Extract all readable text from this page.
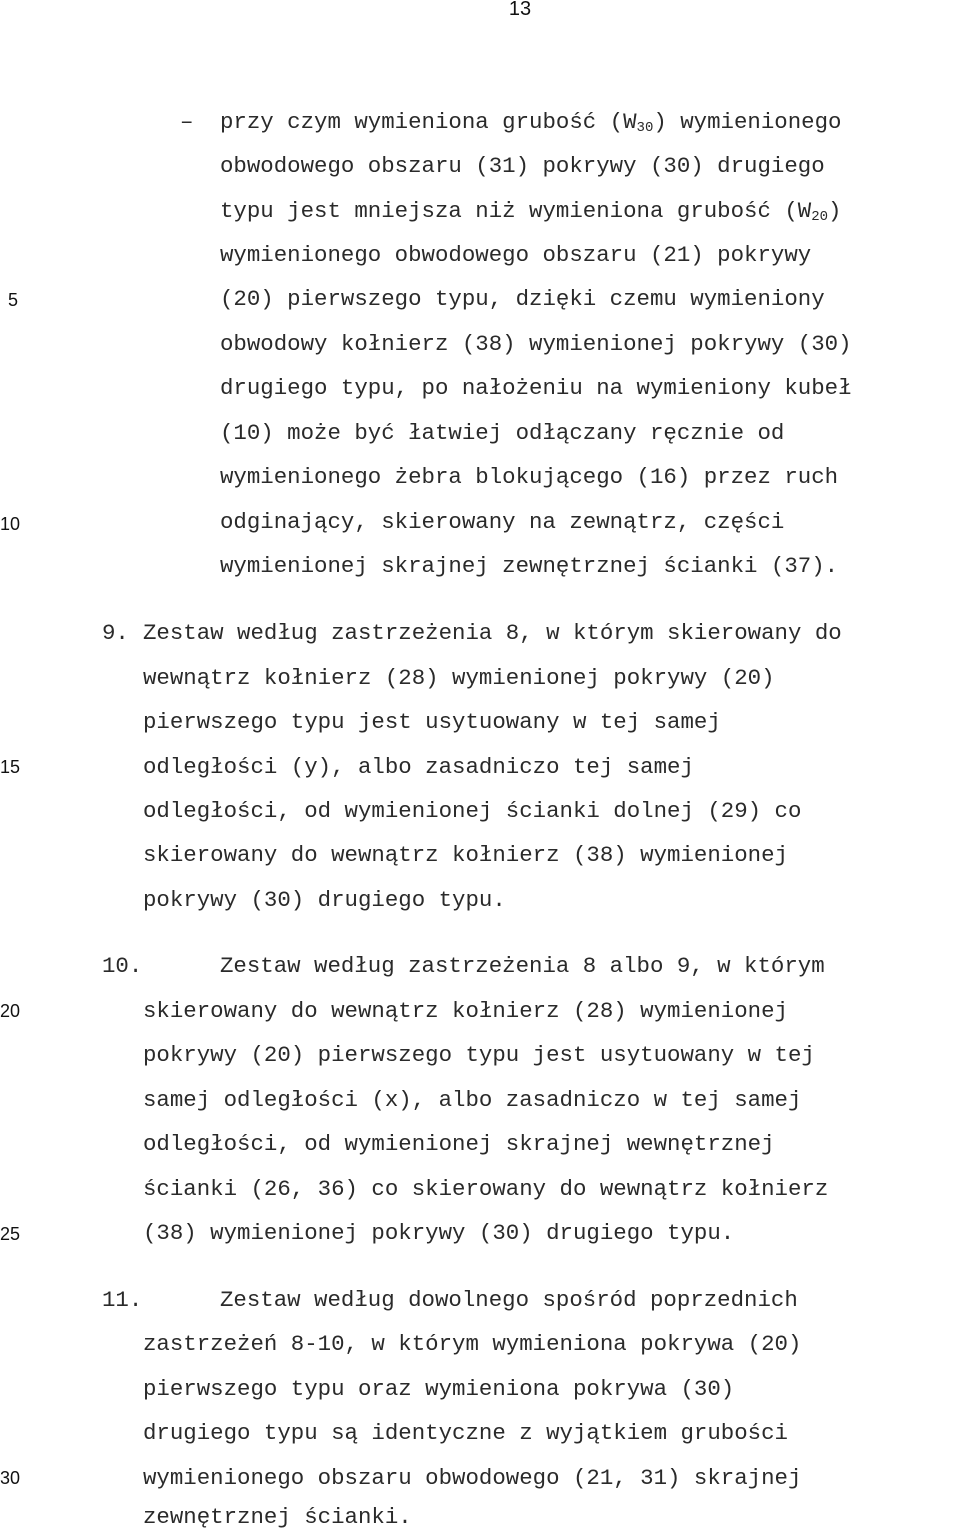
13
5
10
15
20
25
30
– przy czym wymieniona grubość $(W_{30})$ wymienionego
obwodowego obszaru (31) pokrywy (30) drugiego
typu jest mniejsza niż wymieniona grubość $(W_{20})$
wymienionego obwodowego obszaru (21) pokrywy
(20) pierwszego typu, dzięki czemu wymieniony
obwodowy kołnierz (38) wymienionej pokrywy (30)
drugiego typu, po nałożeniu na wymieniony kubeł
(10) może być łatwiej odłączany ręcznie od
wymienionego żebra blokującego (16) przez ruch
odginający, skierowany na zewnątrz, części
wymienionej skrajnej zewnętrznej ścianki (37).
9. Zestaw według zastrzeżenia 8, w którym skierowany do
wewnątrz kołnierz (28) wymienionej pokrywy (20)
pierwszego typu jest usytuowany w tej samej
odległości (y), albo zasadniczo tej samej
odległości, od wymienionej ścianki dolnej (29) co
skierowany do wewnątrz kołnierz (38) wymienionej
pokrywy (30) drugiego typu.
10.	Zestaw według zastrzeżenia 8 albo 9, w którym
skierowany do wewnątrz kołnierz (28) wymienionej
pokrywy (20) pierwszego typu jest usytuowany w tej
samej odległości (x), albo zasadniczo w tej samej
odległości, od wymienionej skrajnej wewnętrznej
ścianki (26, 36) co skierowany do wewnątrz kołnierz
(38) wymienionej pokrywy (30) drugiego typu.
11.	Zestaw według dowolnego spośród poprzednich
zastrzeżeń 8-10, w którym wymieniona pokrywa (20)
pierwszego typu oraz wymieniona pokrywa (30)
drugiego typu są identyczne z wyjątkiem grubości
wymienionego obszaru obwodowego (21, 31) skrajnej
zewnętrznej ścianki.
